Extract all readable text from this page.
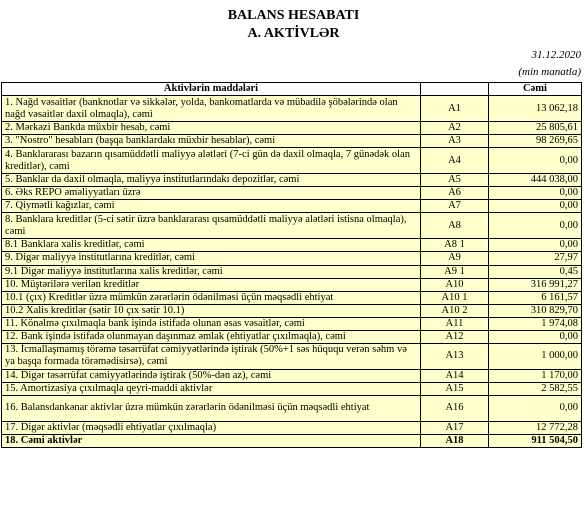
BALANS HESABATI
A. AKTİVLƏR
31.12.2020
(min manatla)
Aktivlərin maddələri		Cəmi
1. Nağd vəsaitlər (banknotlar və sikkələr, yolda, bankomatlarda və mübadilə şöbələrində olan nağd vəsaitlər daxil olmaqla), cəmi	A1	13 062,18
2. Mərkəzi Bankda müxbir hesab, cəmi	A2	25 805,61
3. "Nostro" hesabları (başqa banklardakı müxbir hesablar), cəmi	A3	98 269,65
4. Banklararası bazarın qısamüddətli maliyyə alətləri (7-ci gün də daxil olmaqla, 7 günədək olan kreditlər), cəmi	A4	0,00
5. Banklar da daxil olmaqla, maliyyə institutlarındakı depozitlər, cəmi	A5	444 038,00
6. Əks REPO əməliyyatları üzrə	A6	0,00
7. Qiymətli kağızlar, cəmi	A7	0,00
8. Banklara kreditlər (5-ci sətir üzrə banklararası qısamüddətli maliyyə alətləri istisna olmaqla), cəmi	A8	0,00
8.1 Banklara xalis kreditlər, cəmi	A8 1	0,00
9. Digər maliyyə institutlarına kreditlər, cəmi	A9	27,97
9.1 Digər maliyyə institutlarına xalis kreditlər, cəmi	A9 1	0,45
10. Müştərilərə verilən kreditlər	A10	316 991,27
10.1 (çıx) Kreditlər üzrə mümkün zərərlərin ödənilməsi üçün məqsədli ehtiyat	A10 1	6 161,57
10.2 Xalis kreditlər (sətir 10 çıx sətir 10.1)	A10 2	310 829,70
11. Könəlmə çıxılmaqla bank işində istifadə olunan əsas vəsaitlər, cəmi	A11	1 974,08
12. Bank işində istifadə olunmayan daşınmaz əmlak (ehtiyatlar çıxılmaqla), cəmi	A12	0,00
13. İcmallaşmamış törəmə təsərrüfat cəmiyyətlərində iştirak (50%+1 səs hüququ verən səhm və ya başqa formada törəmədisirsə), cəmi	A13	1 000,00
14. Digər təsərrüfat cəmiyyətlərində iştirak (50%-dən az), cəmi	A14	1 170,00
15. Amortizasiya çıxılmaqla qeyri-maddi aktivlər	A15	2 582,55
16. Balansdankənar aktivlər üzrə mümkün zərərlərin ödənilməsi üçün məqsədli ehtiyat	A16	0,00
17. Digər aktivlər (məqsədli ehtiyatlar çıxılmaqla)	A17	12 772,28
18. Cəmi aktivlər	A18	911 504,50
